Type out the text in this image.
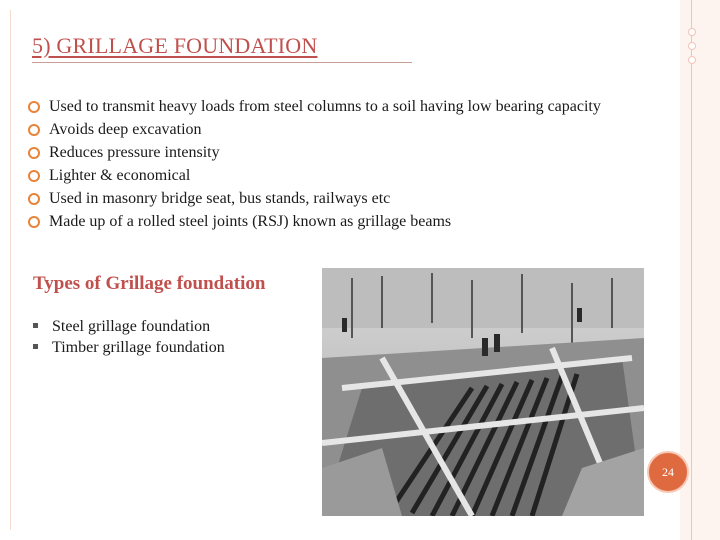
5) GRILLAGE FOUNDATION
Used to transmit heavy loads from steel columns to a soil having low bearing capacity
Avoids deep excavation
Reduces pressure intensity
Lighter & economical
Used in masonry bridge seat, bus stands, railways etc
Made up of a rolled steel joints (RSJ) known as grillage beams
Types of Grillage foundation
Steel grillage foundation
Timber grillage foundation
24
